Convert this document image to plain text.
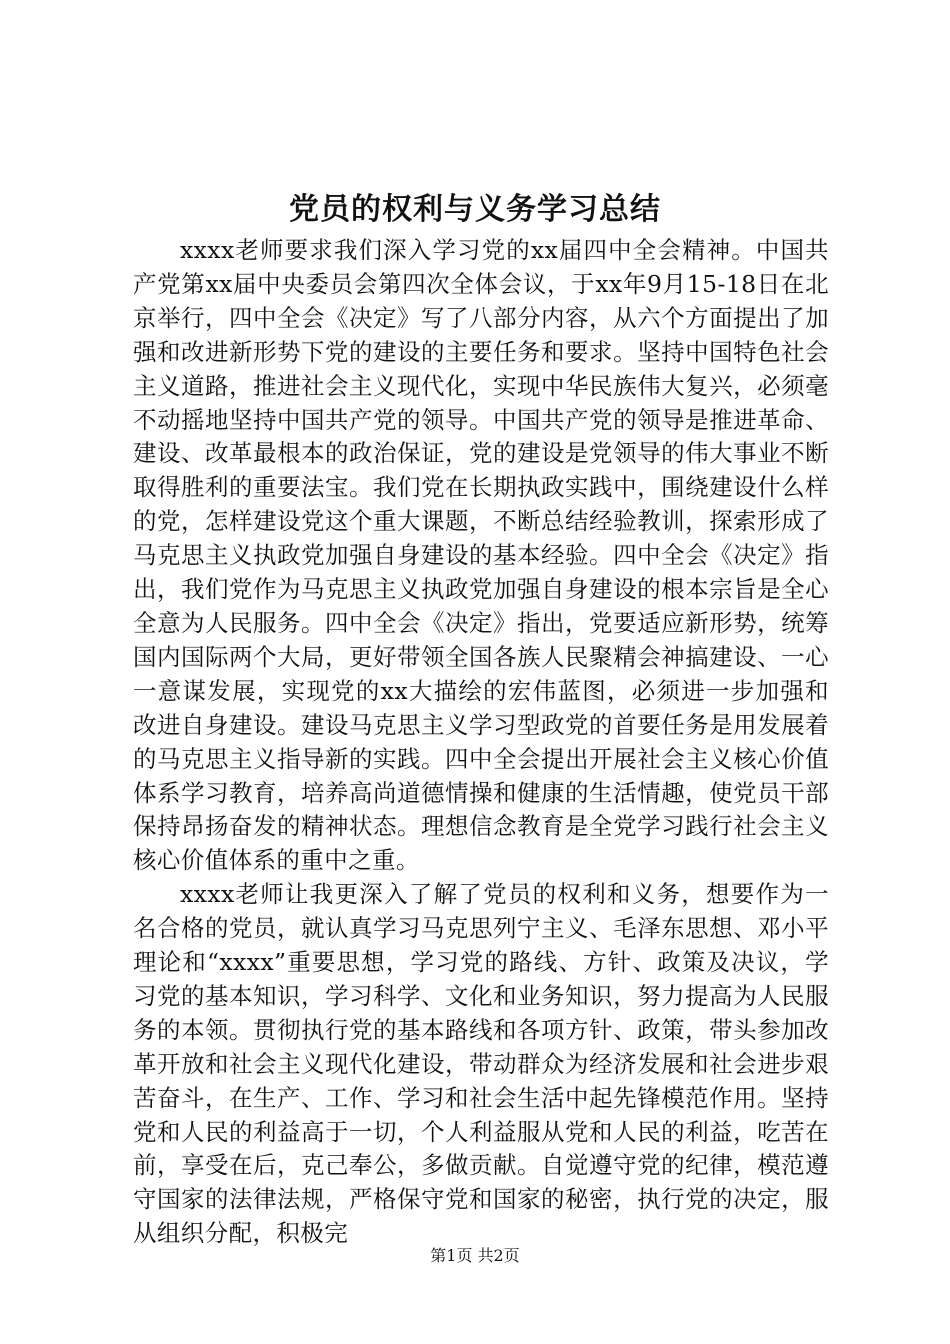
党员的权利与义务学习总结

xxxx老师要求我们深入学习党的xx届四中全会精神。中国共产党第xx届中央委员会第四次全体会议，于xx年9月15-18日在北京举行，四中全会《决定》写了八部分内容，从六个方面提出了加强和改进新形势下党的建设的主要任务和要求。坚持中国特色社会主义道路，推进社会主义现代化，实现中华民族伟大复兴，必须毫不动摇地坚持中国共产党的领导。中国共产党的领导是推进革命、建设、改革最根本的政治保证，党的建设是党领导的伟大事业不断取得胜利的重要法宝。我们党在长期执政实践中，围绕建设什么样的党，怎样建设党这个重大课题，不断总结经验教训，探索形成了马克思主义执政党加强自身建设的基本经验。四中全会《决定》指出，我们党作为马克思主义执政党加强自身建设的根本宗旨是全心全意为人民服务。四中全会《决定》指出，党要适应新形势，统筹国内国际两个大局，更好带领全国各族人民聚精会神搞建设、一心一意谋发展，实现党的xx大描绘的宏伟蓝图，必须进一步加强和改进自身建设。建设马克思主义学习型政党的首要任务是用发展着的马克思主义指导新的实践。四中全会提出开展社会主义核心价值体系学习教育，培养高尚道德情操和健康的生活情趣，使党员干部保持昂扬奋发的精神状态。理想信念教育是全党学习践行社会主义核心价值体系的重中之重。

xxxx老师让我更深入了解了党员的权利和义务，想要作为一名合格的党员，就认真学习马克思列宁主义、毛泽东思想、邓小平理论和“xxxx”重要思想，学习党的路线、方针、政策及决议，学习党的基本知识，学习科学、文化和业务知识，努力提高为人民服务的本领。贯彻执行党的基本路线和各项方针、政策，带头参加改革开放和社会主义现代化建设，带动群众为经济发展和社会进步艰苦奋斗，在生产、工作、学习和社会生活中起先锋模范作用。坚持党和人民的利益高于一切，个人利益服从党和人民的利益，吃苦在前，享受在后，克己奉公，多做贡献。自觉遵守党的纪律，模范遵守国家的法律法规，严格保守党和国家的秘密，执行党的决定，服从组织分配，积极完

第1页 共2页
